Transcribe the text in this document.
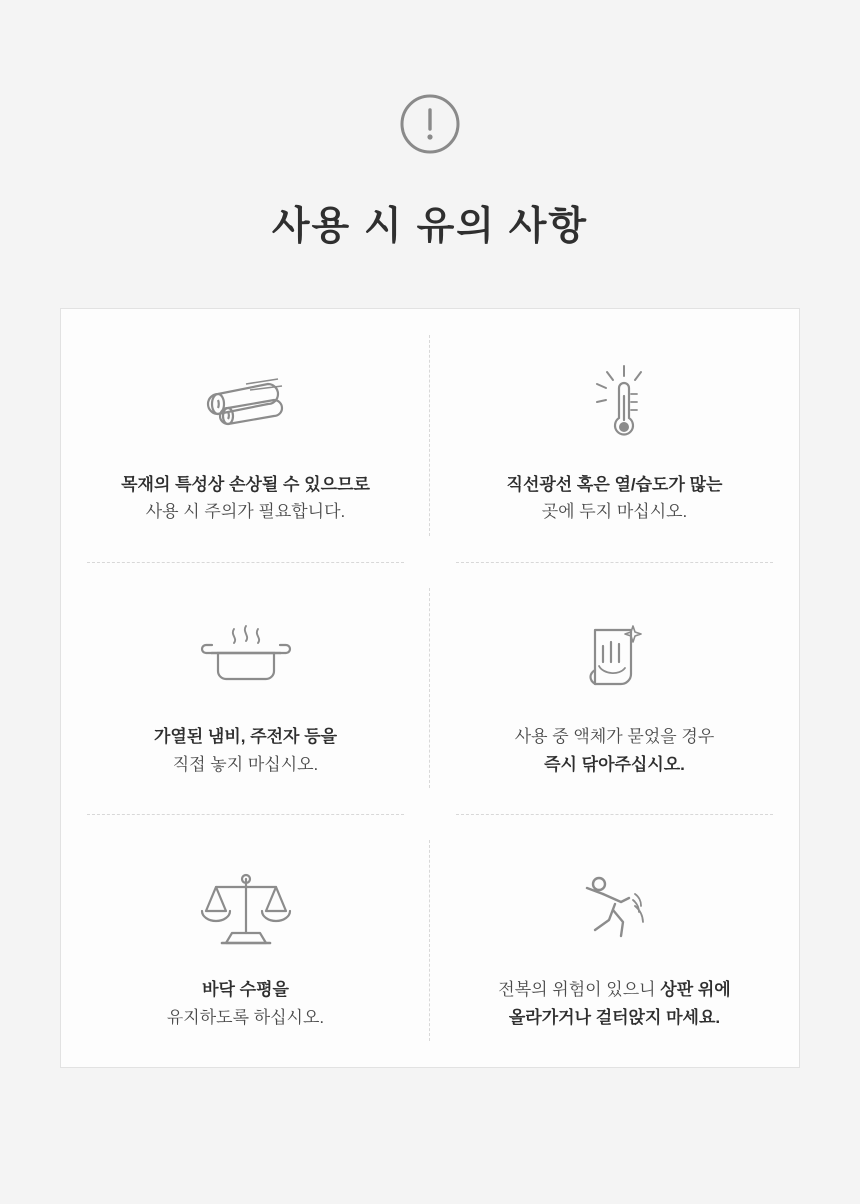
사용 시 유의 사항
목재의 특성상 손상될 수 있으므로
사용 시 주의가 필요합니다.
직선광선 혹은 열/습도가 많는
곳에 두지 마십시오.
가열된 냄비, 주전자 등을
직접 놓지 마십시오.
사용 중 액체가 묻었을 경우
즉시 닦아주십시오.
바닥 수평을
유지하도록 하십시오.
전복의 위험이 있으니 상판 위에
올라가거나 걸터앉지 마세요.
